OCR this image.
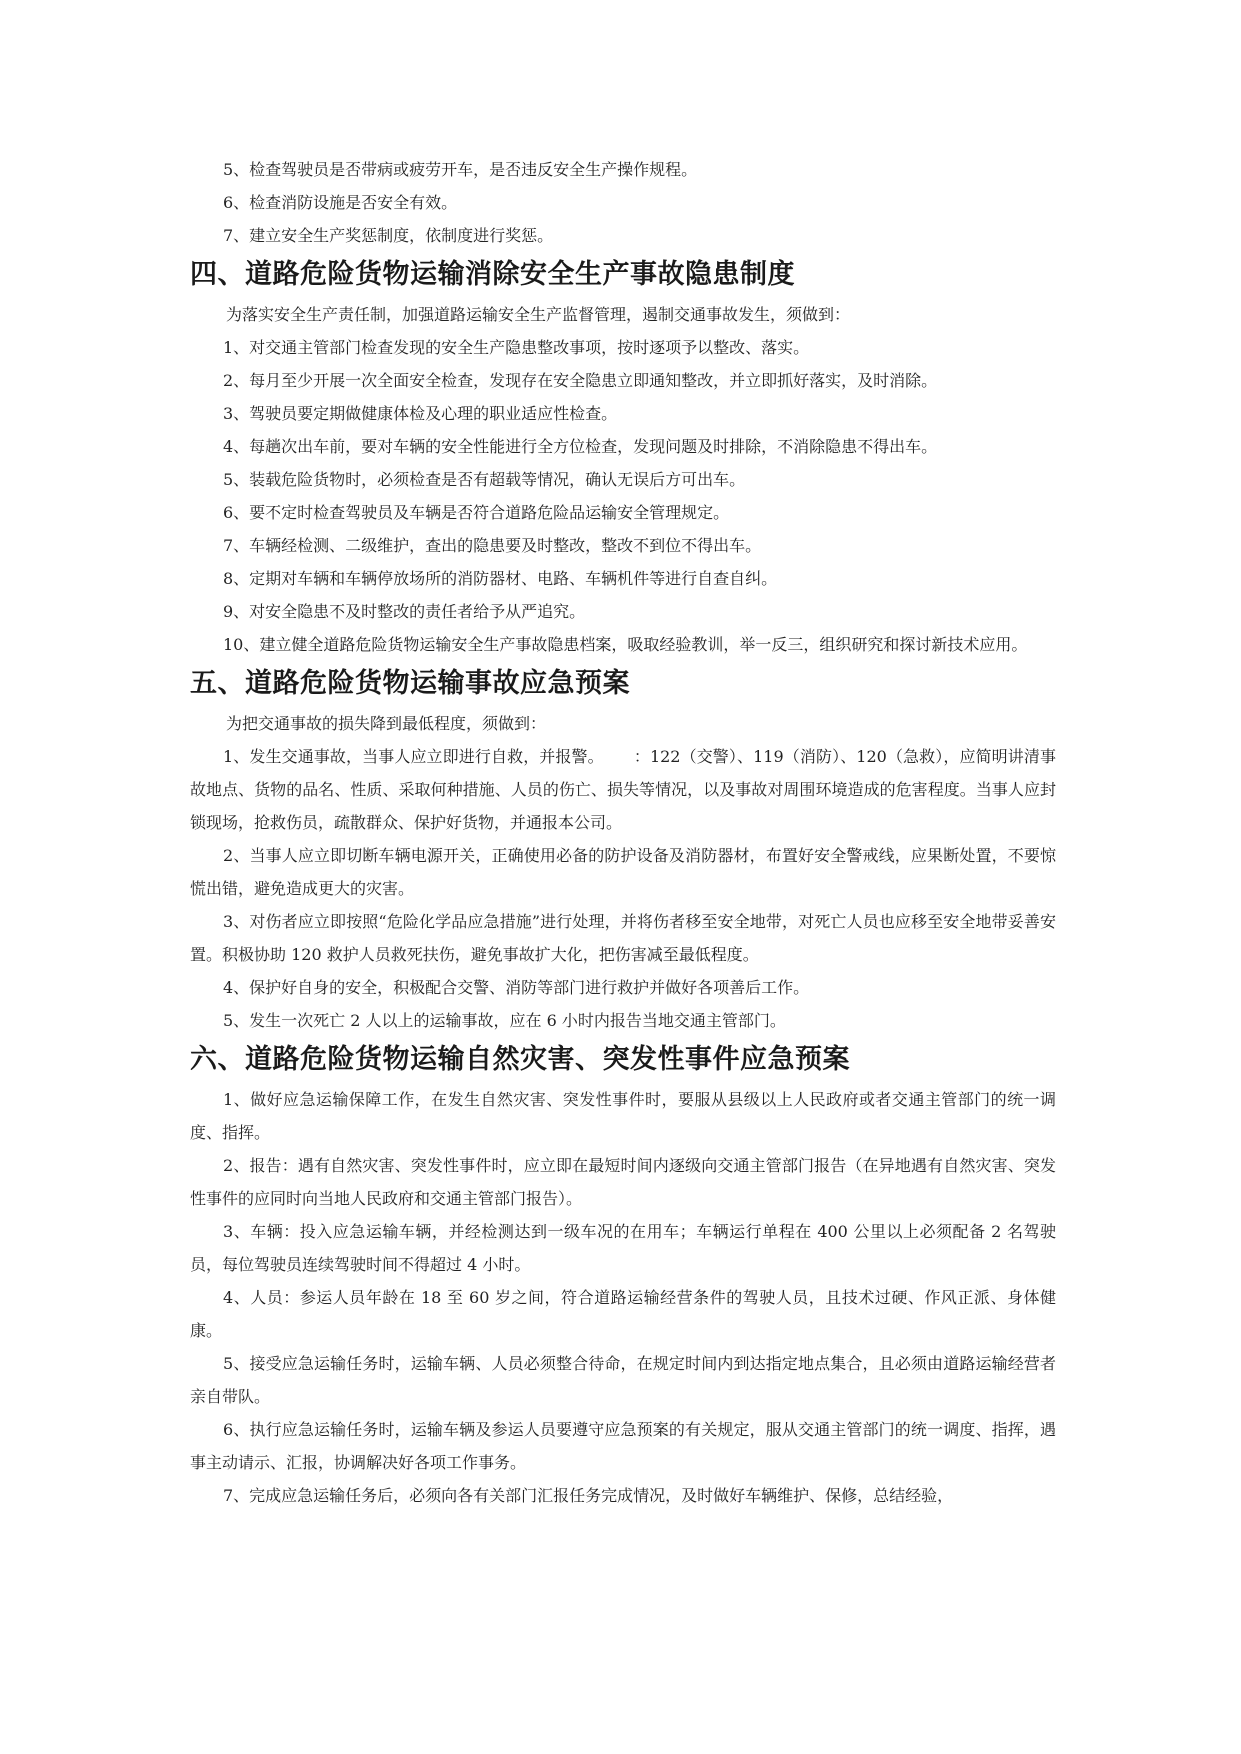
5、检查驾驶员是否带病或疲劳开车，是否违反安全生产操作规程。

6、检查消防设施是否安全有效。

7、建立安全生产奖惩制度，依制度进行奖惩。

四、道路危险货物运输消除安全生产事故隐患制度

为落实安全生产责任制，加强道路运输安全生产监督管理，遏制交通事故发生，须做到：

1、对交通主管部门检查发现的安全生产隐患整改事项，按时逐项予以整改、落实。

2、每月至少开展一次全面安全检查，发现存在安全隐患立即通知整改，并立即抓好落实，及时消除。

3、驾驶员要定期做健康体检及心理的职业适应性检查。

4、每趟次出车前，要对车辆的安全性能进行全方位检查，发现问题及时排除，不消除隐患不得出车。

5、装载危险货物时，必须检查是否有超载等情况，确认无误后方可出车。

6、要不定时检查驾驶员及车辆是否符合道路危险品运输安全管理规定。

7、车辆经检测、二级维护，查出的隐患要及时整改，整改不到位不得出车。

8、定期对车辆和车辆停放场所的消防器材、电路、车辆机件等进行自查自纠。

9、对安全隐患不及时整改的责任者给予从严追究。

10、建立健全道路危险货物运输安全生产事故隐患档案，吸取经验教训，举一反三，组织研究和探讨新技术应用。

五、道路危险货物运输事故应急预案

为把交通事故的损失降到最低程度，须做到：

1、发生交通事故，当事人应立即进行自救，并报警。 ：122（交警）、119（消防）、120（急救），应简明讲清事故地点、货物的品名、性质、采取何种措施、人员的伤亡、损失等情况，以及事故对周围环境造成的危害程度。当事人应封锁现场，抢救伤员，疏散群众、保护好货物，并通报本公司。

2、当事人应立即切断车辆电源开关，正确使用必备的防护设备及消防器材，布置好安全警戒线，应果断处置，不要惊慌出错，避免造成更大的灾害。

3、对伤者应立即按照“危险化学品应急措施”进行处理，并将伤者移至安全地带，对死亡人员也应移至安全地带妥善安置。积极协助 120 救护人员救死扶伤，避免事故扩大化，把伤害减至最低程度。

4、保护好自身的安全，积极配合交警、消防等部门进行救护并做好各项善后工作。

5、发生一次死亡 2 人以上的运输事故，应在 6 小时内报告当地交通主管部门。

六、道路危险货物运输自然灾害、突发性事件应急预案

1、做好应急运输保障工作，在发生自然灾害、突发性事件时，要服从县级以上人民政府或者交通主管部门的统一调度、指挥。

2、报告：遇有自然灾害、突发性事件时，应立即在最短时间内逐级向交通主管部门报告（在异地遇有自然灾害、突发性事件的应同时向当地人民政府和交通主管部门报告）。

3、车辆：投入应急运输车辆，并经检测达到一级车况的在用车；车辆运行单程在 400 公里以上必须配备 2 名驾驶员，每位驾驶员连续驾驶时间不得超过 4 小时。

4、人员：参运人员年龄在 18 至 60 岁之间，符合道路运输经营条件的驾驶人员，且技术过硬、作风正派、身体健康。

5、接受应急运输任务时，运输车辆、人员必须整合待命，在规定时间内到达指定地点集合，且必须由道路运输经营者亲自带队。

6、执行应急运输任务时，运输车辆及参运人员要遵守应急预案的有关规定，服从交通主管部门的统一调度、指挥，遇事主动请示、汇报，协调解决好各项工作事务。

7、完成应急运输任务后，必须向各有关部门汇报任务完成情况，及时做好车辆维护、保修，总结经验，
